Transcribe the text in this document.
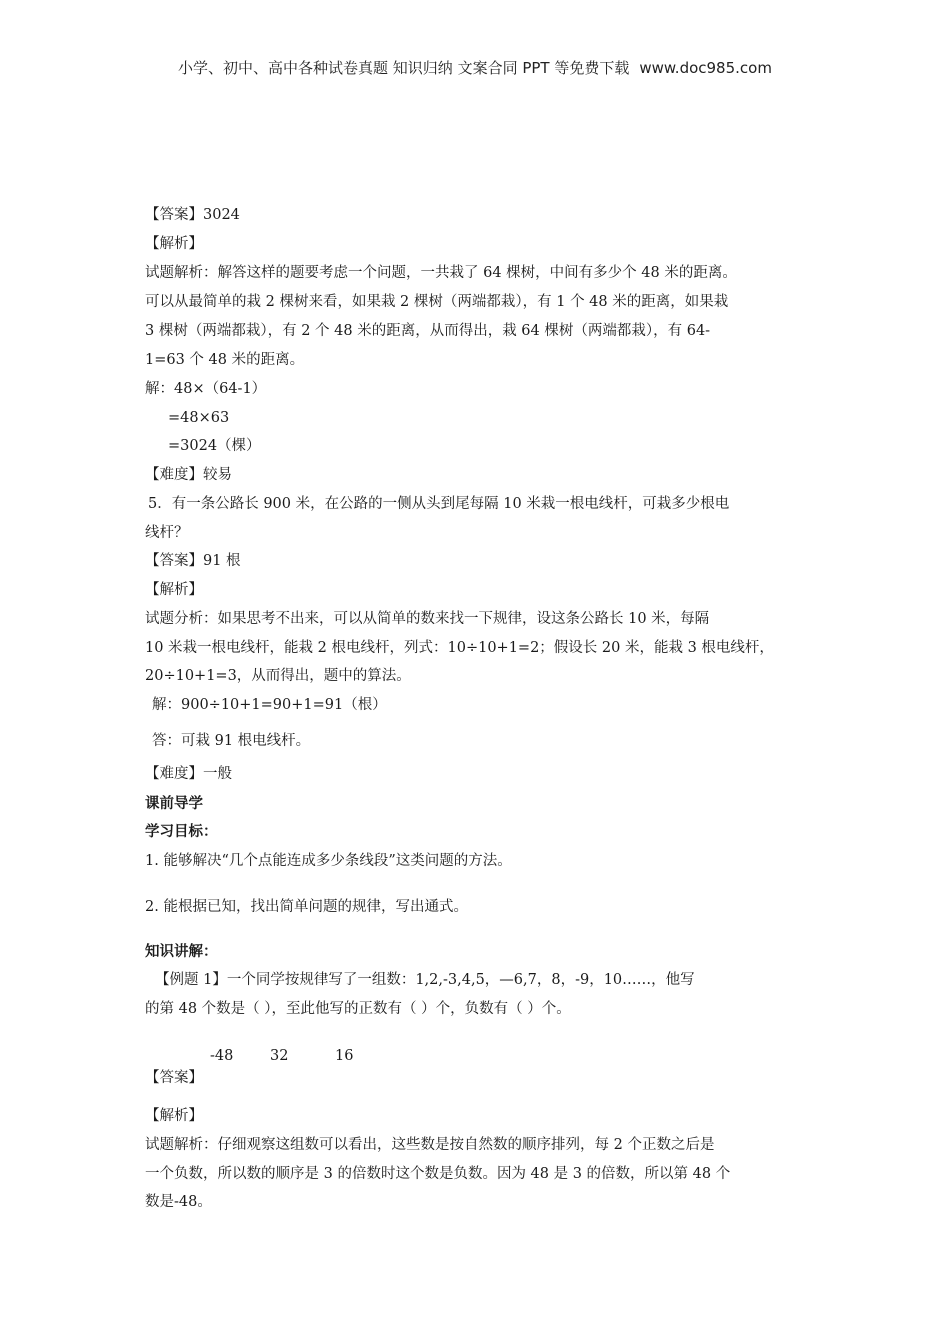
小学、初中、高中各种试卷真题 知识归纳 文案合同 PPT 等免费下载 www.doc985.com
【答案】3024
【解析】
试题解析：解答这样的题要考虑一个问题，一共栽了 64 棵树，中间有多少个 48 米的距离。
可以从最简单的栽 2 棵树来看，如果栽 2 棵树（两端都栽），有 1 个 48 米的距离，如果栽
3 棵树（两端都栽），有 2 个 48 米的距离，从而得出，栽 64 棵树（两端都栽），有 64-
1=63 个 48 米的距离。
解：48×（64-1）
=48×63
=3024（棵）
【难度】较易
5．有一条公路长 900 米，在公路的一侧从头到尾每隔 10 米栽一根电线杆，可栽多少根电
线杆？
【答案】91 根
【解析】
试题分析：如果思考不出来，可以从简单的数来找一下规律，设这条公路长 10 米，每隔
10 米栽一根电线杆，能栽 2 根电线杆，列式：10÷10+1=2；假设长 20 米，能栽 3 根电线杆，
20÷10+1=3，从而得出，题中的算法。
解：900÷10+1=90+1=91（根）
答：可栽 91 根电线杆。
【难度】一般
课前导学
学习目标：
1. 能够解决“几个点能连成多少条线段”这类问题的方法。
2. 能根据已知，找出简单问题的规律，写出通式。
知识讲解：
【例题 1】一个同学按规律写了一组数：1,2,-3,4,5，—6,7，8，-9，10……，他写
的第 48 个数是（ ），至此他写的正数有（ ）个，负数有（ ）个。
-48	32	16
【答案】
【解析】
试题解析：仔细观察这组数可以看出，这些数是按自然数的顺序排列，每 2 个正数之后是
一个负数，所以数的顺序是 3 的倍数时这个数是负数。因为 48 是 3 的倍数，所以第 48 个
数是-48。
